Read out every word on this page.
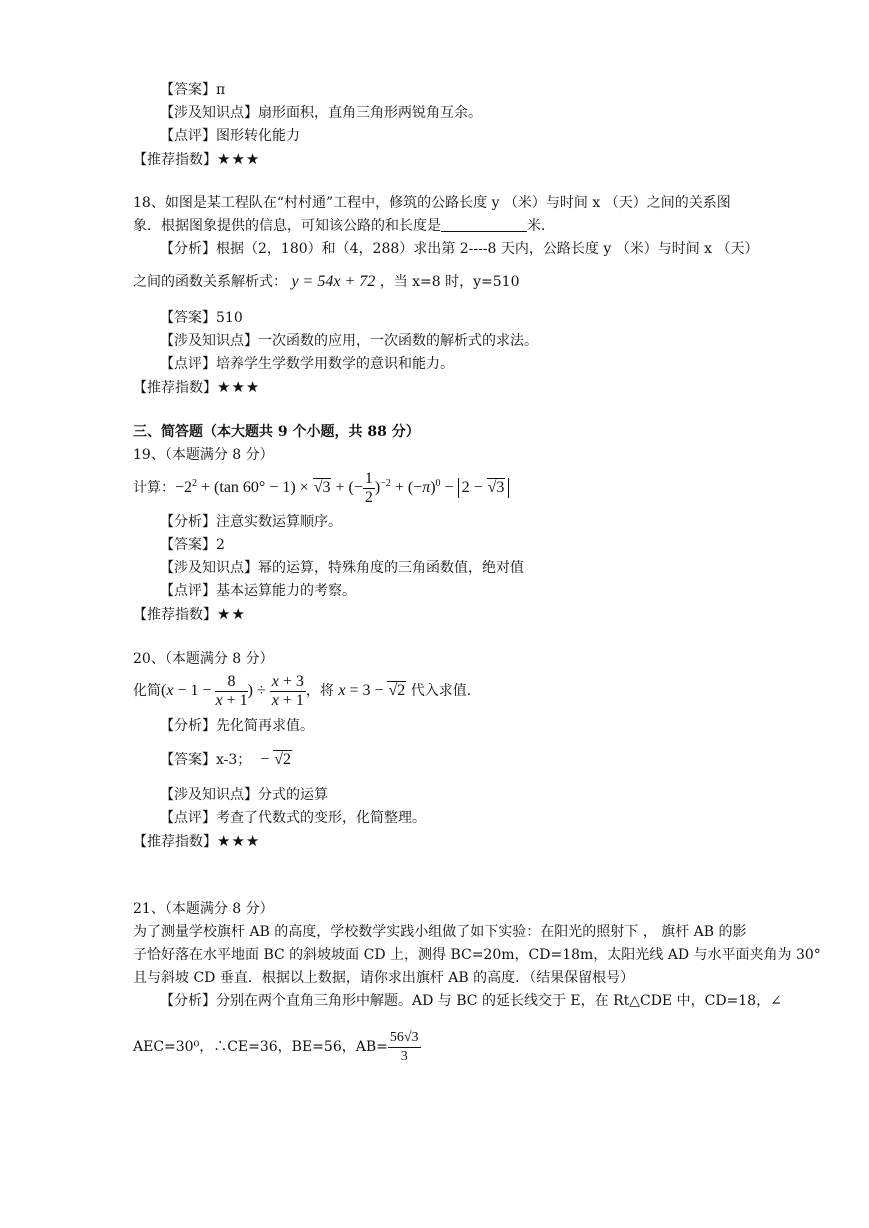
【答案】π
【涉及知识点】扇形面积，直角三角形两锐角互余。
【点评】图形转化能力
【推荐指数】★★★
18、如图是某工程队在“村村通”工程中，修筑的公路长度 y （米）与时间 x （天）之间的关系图
象．根据图象提供的信息，可知该公路的和长度是	米．
【分析】根据（2，180）和（4，288）求出第 2----8 天内，公路长度 y （米）与时间 x （天）
之间的函数关系解析式： y = 54x + 72 ，当 x=8 时，y=510
【答案】510
【涉及知识点】一次函数的应用，一次函数的解析式的求法。
【点评】培养学生学数学用数学的意识和能力。
【推荐指数】★★★
三、简答题（本大题共 9 个小题，共 88 分）
19、（本题满分 8 分）
计算：$-2^2 + (\tan$ 60° − 1) × √3 + (− $\frac{1}{2} )^{-2} + (-\pi)^0 - 2 - √3$
【分析】注意实数运算顺序。
【答案】2
【涉及知识点】幂的运算，特殊角度的三角函数值，绝对值
【点评】基本运算能力的考察。
【推荐指数】★★
20、（本题满分 8 分）
化简($x - 1 - \frac{8}{x + 1}$ ) ÷ $\frac{x + 3}{x + 1}$ ，将 x = 3 − √2 代入求值．
【分析】先化简再求值。
【答案】x-3； − √2
【涉及知识点】分式的运算
【点评】考查了代数式的变形，化简整理。
【推荐指数】★★★
21、（本题满分 8 分）
为了测量学校旗杆 AB 的高度，学校数学实践小组做了如下实验：在阳光的照射下 ， 旗杆 AB 的影
子恰好落在水平地面 BC 的斜坡坡面 CD 上，测得 BC=20m，CD=18m，太阳光线 AD 与水平面夹角为 30°
且与斜坡 CD 垂直．根据以上数据，请你求出旗杆 AB 的高度．（结果保留根号）
【分析】分别在两个直角三角形中解题。AD 与 BC 的延长线交于 E，在 Rt△CDE 中，CD=18，∠
AEC=30⁰，∴CE=36，BE=56，$AB= \frac{56√3}{3}$
